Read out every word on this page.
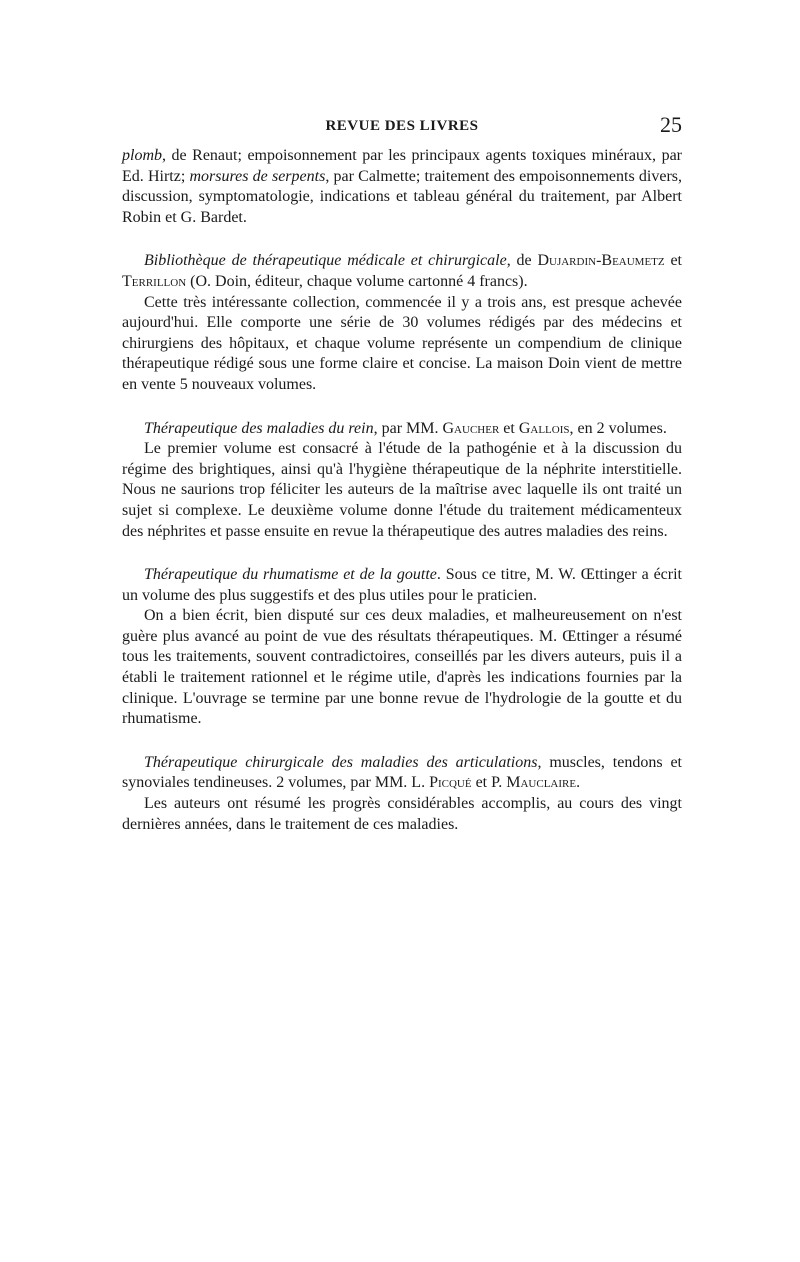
REVUE DES LIVRES	25

plomb, de Renaut; empoisonnement par les principaux agents toxiques minéraux, par Ed. Hirtz; morsures de serpents, par Calmette; traitement des empoisonnements divers, discussion, symptomatologie, indications et tableau général du traitement, par Albert Robin et G. Bardet.

Bibliothèque de thérapeutique médicale et chirurgicale, de Dujardin-Beaumetz et Terrillon (O. Doin, éditeur, chaque volume cartonné 4 francs).

Cette très intéressante collection, commencée il y a trois ans, est presque achevée aujourd'hui. Elle comporte une série de 30 volumes rédigés par des médecins et chirurgiens des hôpitaux, et chaque volume représente un compendium de clinique thérapeutique rédigé sous une forme claire et concise. La maison Doin vient de mettre en vente 5 nouveaux volumes.

Thérapeutique des maladies du rein, par MM. Gaucher et Gallois, en 2 volumes.

Le premier volume est consacré à l'étude de la pathogénie et à la discussion du régime des brightiques, ainsi qu'à l'hygiène thérapeutique de la néphrite interstitielle. Nous ne saurions trop féliciter les auteurs de la maîtrise avec laquelle ils ont traité un sujet si complexe. Le deuxième volume donne l'étude du traitement médicamenteux des néphrites et passe ensuite en revue la thérapeutique des autres maladies des reins.

Thérapeutique du rhumatisme et de la goutte. Sous ce titre, M. W. Œttinger a écrit un volume des plus suggestifs et des plus utiles pour le praticien.

On a bien écrit, bien disputé sur ces deux maladies, et malheureusement on n'est guère plus avancé au point de vue des résultats thérapeutiques. M. Œttinger a résumé tous les traitements, souvent contradictoires, conseillés par les divers auteurs, puis il a établi le traitement rationnel et le régime utile, d'après les indications fournies par la clinique. L'ouvrage se termine par une bonne revue de l'hydrologie de la goutte et du rhumatisme.

Thérapeutique chirurgicale des maladies des articulations, muscles, tendons et synoviales tendineuses. 2 volumes, par MM. L. Picqué et P. Mauclaire.

Les auteurs ont résumé les progrès considérables accomplis, au cours des vingt dernières années, dans le traitement de ces maladies.
